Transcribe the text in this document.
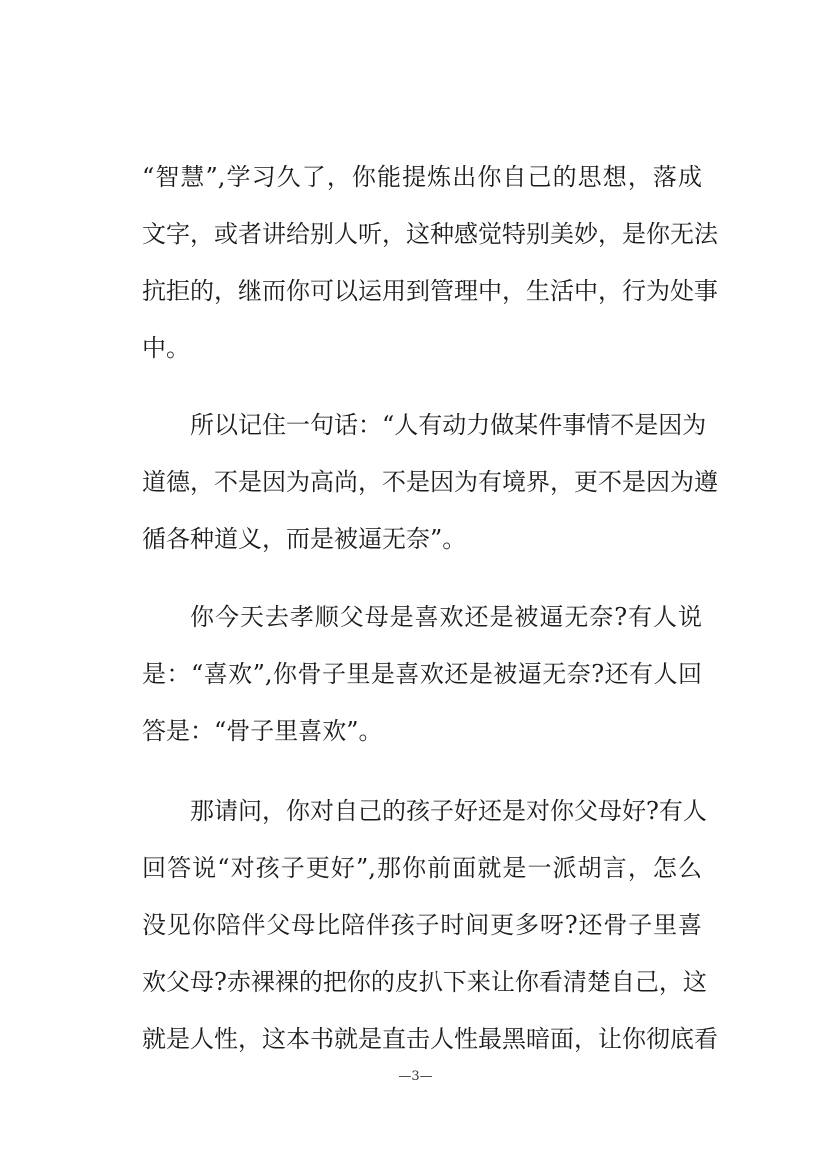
“智慧”,学习久了，你能提炼出你自己的思想，落成
文字，或者讲给别人听，这种感觉特别美妙，是你无法
抗拒的，继而你可以运用到管理中，生活中，行为处事
中。
所以记住一句话：“人有动力做某件事情不是因为
道德，不是因为高尚，不是因为有境界，更不是因为遵
循各种道义，而是被逼无奈”。
你今天去孝顺父母是喜欢还是被逼无奈?有人说
是：“喜欢”,你骨子里是喜欢还是被逼无奈?还有人回
答是：“骨子里喜欢”。
那请问，你对自己的孩子好还是对你父母好?有人
回答说“对孩子更好”,那你前面就是一派胡言，怎么
没见你陪伴父母比陪伴孩子时间更多呀?还骨子里喜
欢父母?赤裸裸的把你的皮扒下来让你看清楚自己，这
就是人性，这本书就是直击人性最黑暗面，让你彻底看
—3—
